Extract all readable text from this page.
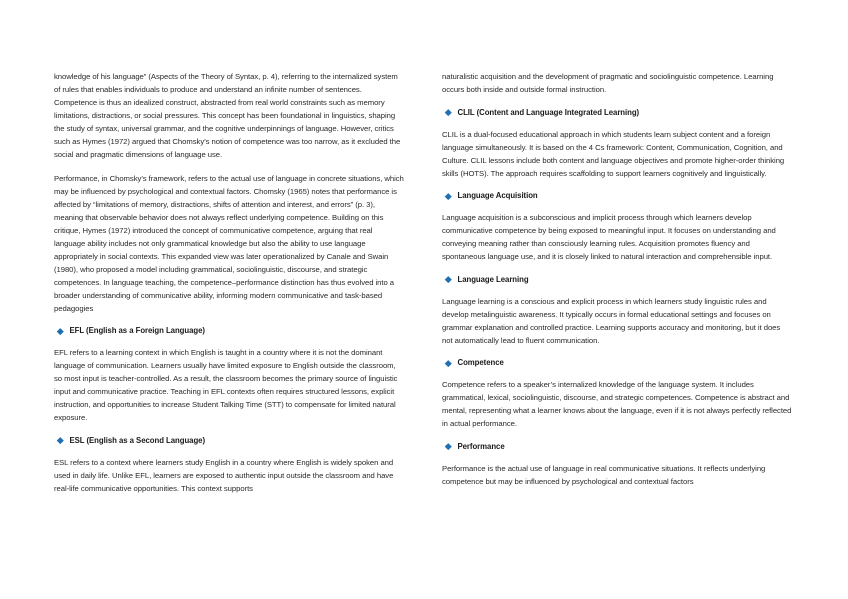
knowledge of his language” (Aspects of the Theory of Syntax, p. 4), referring to the internalized system of rules that enables individuals to produce and understand an infinite number of sentences. Competence is thus an idealized construct, abstracted from real world constraints such as memory limitations, distractions, or social pressures. This concept has been foundational in linguistics, shaping the study of syntax, universal grammar, and the cognitive underpinnings of language. However, critics such as Hymes (1972) argued that Chomsky’s notion of competence was too narrow, as it excluded the social and pragmatic dimensions of language use.

Performance, in Chomsky’s framework, refers to the actual use of language in concrete situations, which may be influenced by psychological and contextual factors. Chomsky (1965) notes that performance is affected by “limitations of memory, distractions, shifts of attention and interest, and errors” (p. 3), meaning that observable behavior does not always reflect underlying competence. Building on this critique, Hymes (1972) introduced the concept of communicative competence, arguing that real language ability includes not only grammatical knowledge but also the ability to use language appropriately in social contexts. This expanded view was later operationalized by Canale and Swain (1980), who proposed a model including grammatical, sociolinguistic, discourse, and strategic competences. In language teaching, the competence–performance distinction has thus evolved into a broader understanding of communicative ability, informing modern communicative and task-based pedagogies

EFL (English as a Foreign Language)

EFL refers to a learning context in which English is taught in a country where it is not the dominant language of communication. Learners usually have limited exposure to English outside the classroom, so most input is teacher-controlled. As a result, the classroom becomes the primary source of linguistic input and communicative practice. Teaching in EFL contexts often requires structured lessons, explicit instruction, and opportunities to increase Student Talking Time (STT) to compensate for limited natural exposure.

ESL (English as a Second Language)

ESL refers to a context where learners study English in a country where English is widely spoken and used in daily life. Unlike EFL, learners are exposed to authentic input outside the classroom and have real-life communicative opportunities. This context supports

naturalistic acquisition and the development of pragmatic and sociolinguistic competence. Learning occurs both inside and outside formal instruction.

CLIL (Content and Language Integrated Learning)

CLIL is a dual-focused educational approach in which students learn subject content and a foreign language simultaneously. It is based on the 4 Cs framework: Content, Communication, Cognition, and Culture. CLIL lessons include both content and language objectives and promote higher-order thinking skills (HOTS). The approach requires scaffolding to support learners cognitively and linguistically.

Language Acquisition

Language acquisition is a subconscious and implicit process through which learners develop communicative competence by being exposed to meaningful input. It focuses on understanding and conveying meaning rather than consciously learning rules. Acquisition promotes fluency and spontaneous language use, and it is closely linked to natural interaction and comprehensible input.

Language Learning

Language learning is a conscious and explicit process in which learners study linguistic rules and develop metalinguistic awareness. It typically occurs in formal educational settings and focuses on grammar explanation and controlled practice. Learning supports accuracy and monitoring, but it does not automatically lead to fluent communication.

Competence

Competence refers to a speaker’s internalized knowledge of the language system. It includes grammatical, lexical, sociolinguistic, discourse, and strategic competences. Competence is abstract and mental, representing what a learner knows about the language, even if it is not always perfectly reflected in actual performance.

Performance

Performance is the actual use of language in real communicative situations. It reflects underlying competence but may be influenced by psychological and contextual factors
